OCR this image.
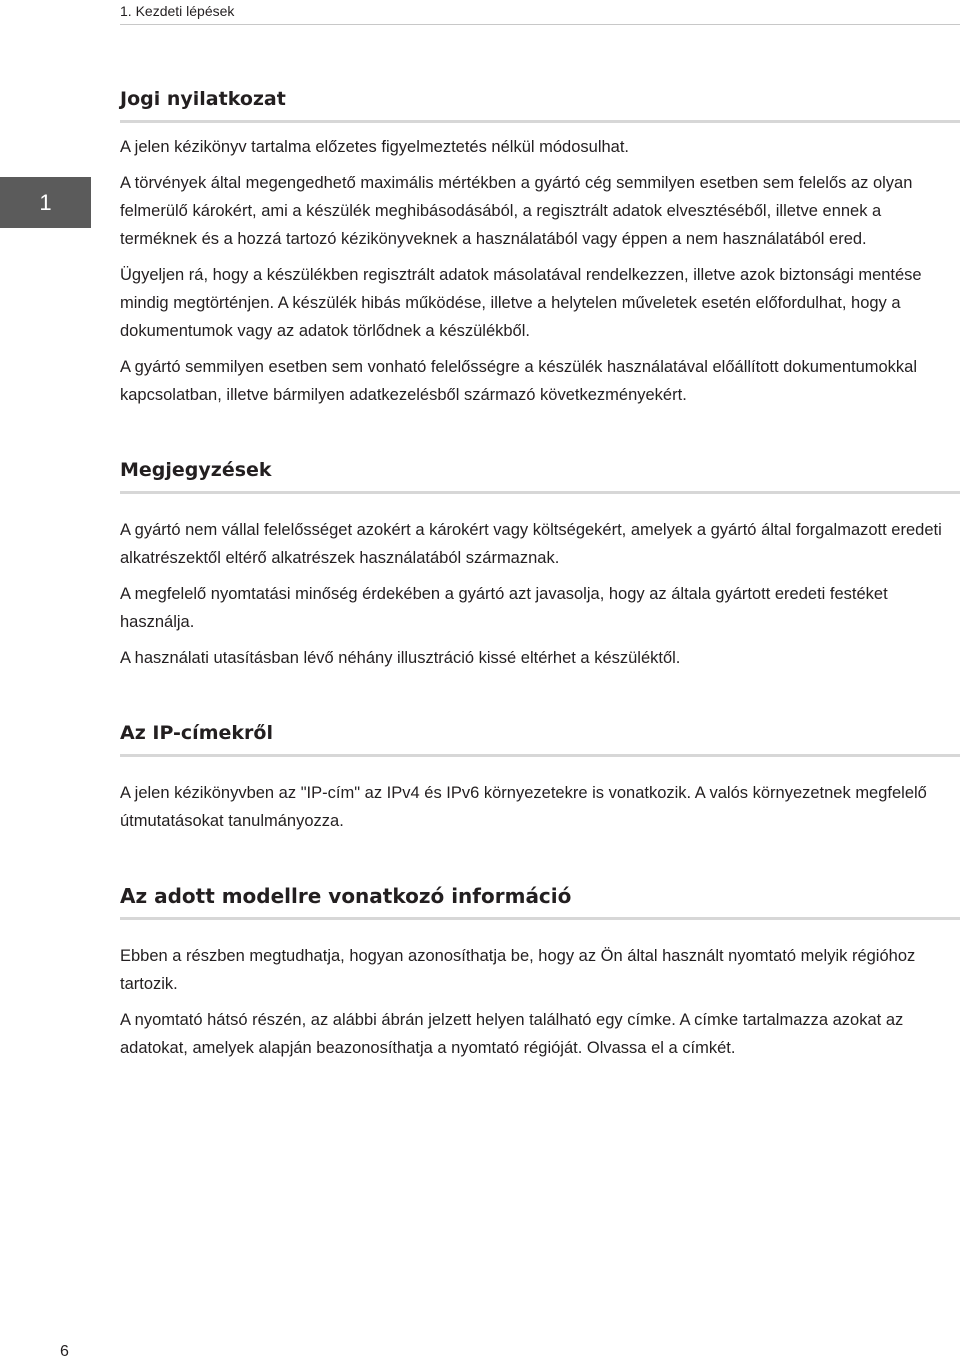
1. Kezdeti lépések
1
Jogi nyilatkozat

A jelen kézikönyv tartalma előzetes figyelmeztetés nélkül módosulhat.

A törvények által megengedhető maximális mértékben a gyártó cég semmilyen esetben sem felelős az olyan felmerülő károkért, ami a készülék meghibásodásából, a regisztrált adatok elvesztéséből, illetve ennek a terméknek és a hozzá tartozó kézikönyveknek a használatából vagy éppen a nem használatából ered.

Ügyeljen rá, hogy a készülékben regisztrált adatok másolatával rendelkezzen, illetve azok biztonsági mentése mindig megtörténjen. A készülék hibás működése, illetve a helytelen műveletek esetén előfordulhat, hogy a dokumentumok vagy az adatok törlődnek a készülékből.

A gyártó semmilyen esetben sem vonható felelősségre a készülék használatával előállított dokumentumokkal kapcsolatban, illetve bármilyen adatkezelésből származó következményekért.

Megjegyzések

A gyártó nem vállal felelősséget azokért a károkért vagy költségekért, amelyek a gyártó által forgalmazott eredeti alkatrészektől eltérő alkatrészek használatából származnak.

A megfelelő nyomtatási minőség érdekében a gyártó azt javasolja, hogy az általa gyártott eredeti festéket használja.

A használati utasításban lévő néhány illusztráció kissé eltérhet a készüléktől.

Az IP-címekről

A jelen kézikönyvben az "IP-cím" az IPv4 és IPv6 környezetekre is vonatkozik. A valós környezetnek megfelelő útmutatásokat tanulmányozza.

Az adott modellre vonatkozó információ

Ebben a részben megtudhatja, hogyan azonosíthatja be, hogy az Ön által használt nyomtató melyik régióhoz tartozik.

A nyomtató hátsó részén, az alábbi ábrán jelzett helyen található egy címke. A címke tartalmazza azokat az adatokat, amelyek alapján beazonosíthatja a nyomtató régióját. Olvassa el a címkét.

6
